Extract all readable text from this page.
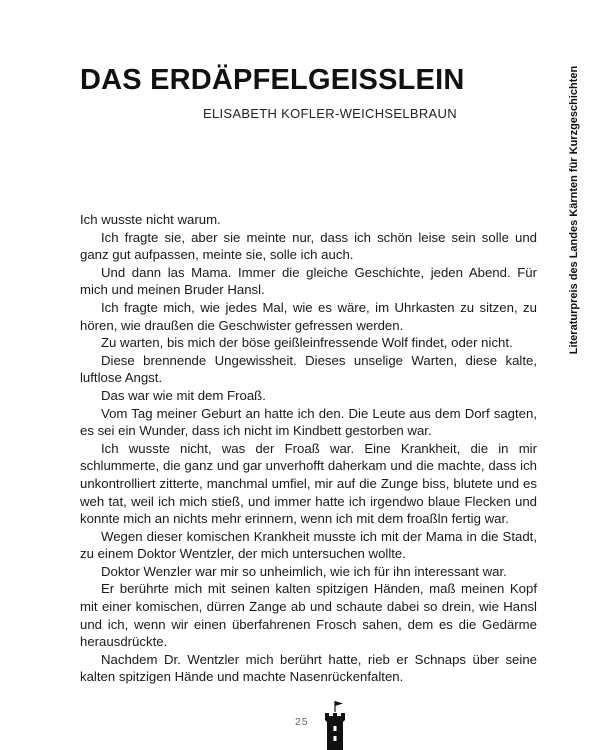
DAS ERDÄPFELGEISSLEIN
ELISABETH KOFLER-WEICHSELBRAUN

Ich wusste nicht warum.

Ich fragte sie, aber sie meinte nur, dass ich schön leise sein solle und ganz gut aufpassen, meinte sie, solle ich auch.

Und dann las Mama. Immer die gleiche Geschichte, jeden Abend. Für mich und meinen Bruder Hansl.

Ich fragte mich, wie jedes Mal, wie es wäre, im Uhrkasten zu sitzen, zu hören, wie draußen die Geschwister gefressen werden.

Zu warten, bis mich der böse geißleinfressende Wolf findet, oder nicht.

Diese brennende Ungewissheit. Dieses unselige Warten, diese kalte, luftlose Angst.

Das war wie mit dem Froaß.

Vom Tag meiner Geburt an hatte ich den. Die Leute aus dem Dorf sagten, es sei ein Wunder, dass ich nicht im Kindbett gestorben war.

Ich wusste nicht, was der Froaß war. Eine Krankheit, die in mir schlummerte, die ganz und gar unverhofft daherkam und die machte, dass ich unkontrolliert zitterte, manchmal umfiel, mir auf die Zunge biss, blutete und es weh tat, weil ich mich stieß, und immer hatte ich irgendwo blaue Flecken und konnte mich an nichts mehr erinnern, wenn ich mit dem froaßln fertig war.

Wegen dieser komischen Krankheit musste ich mit der Mama in die Stadt, zu einem Doktor Wentzler, der mich untersuchen wollte.

Doktor Wenzler war mir so unheimlich, wie ich für ihn interessant war.

Er berührte mich mit seinen kalten spitzigen Händen, maß meinen Kopf mit einer komischen, dürren Zange ab und schaute dabei so drein, wie Hansl und ich, wenn wir einen überfahrenen Frosch sahen, dem es die Gedärme herausdrückte.

Nachdem Dr. Wentzler mich berührt hatte, rieb er Schnaps über seine kalten spitzigen Hände und machte Nasenrückenfalten.

Literaturpreis des Landes Kärnten für Kurzgeschichten
25
